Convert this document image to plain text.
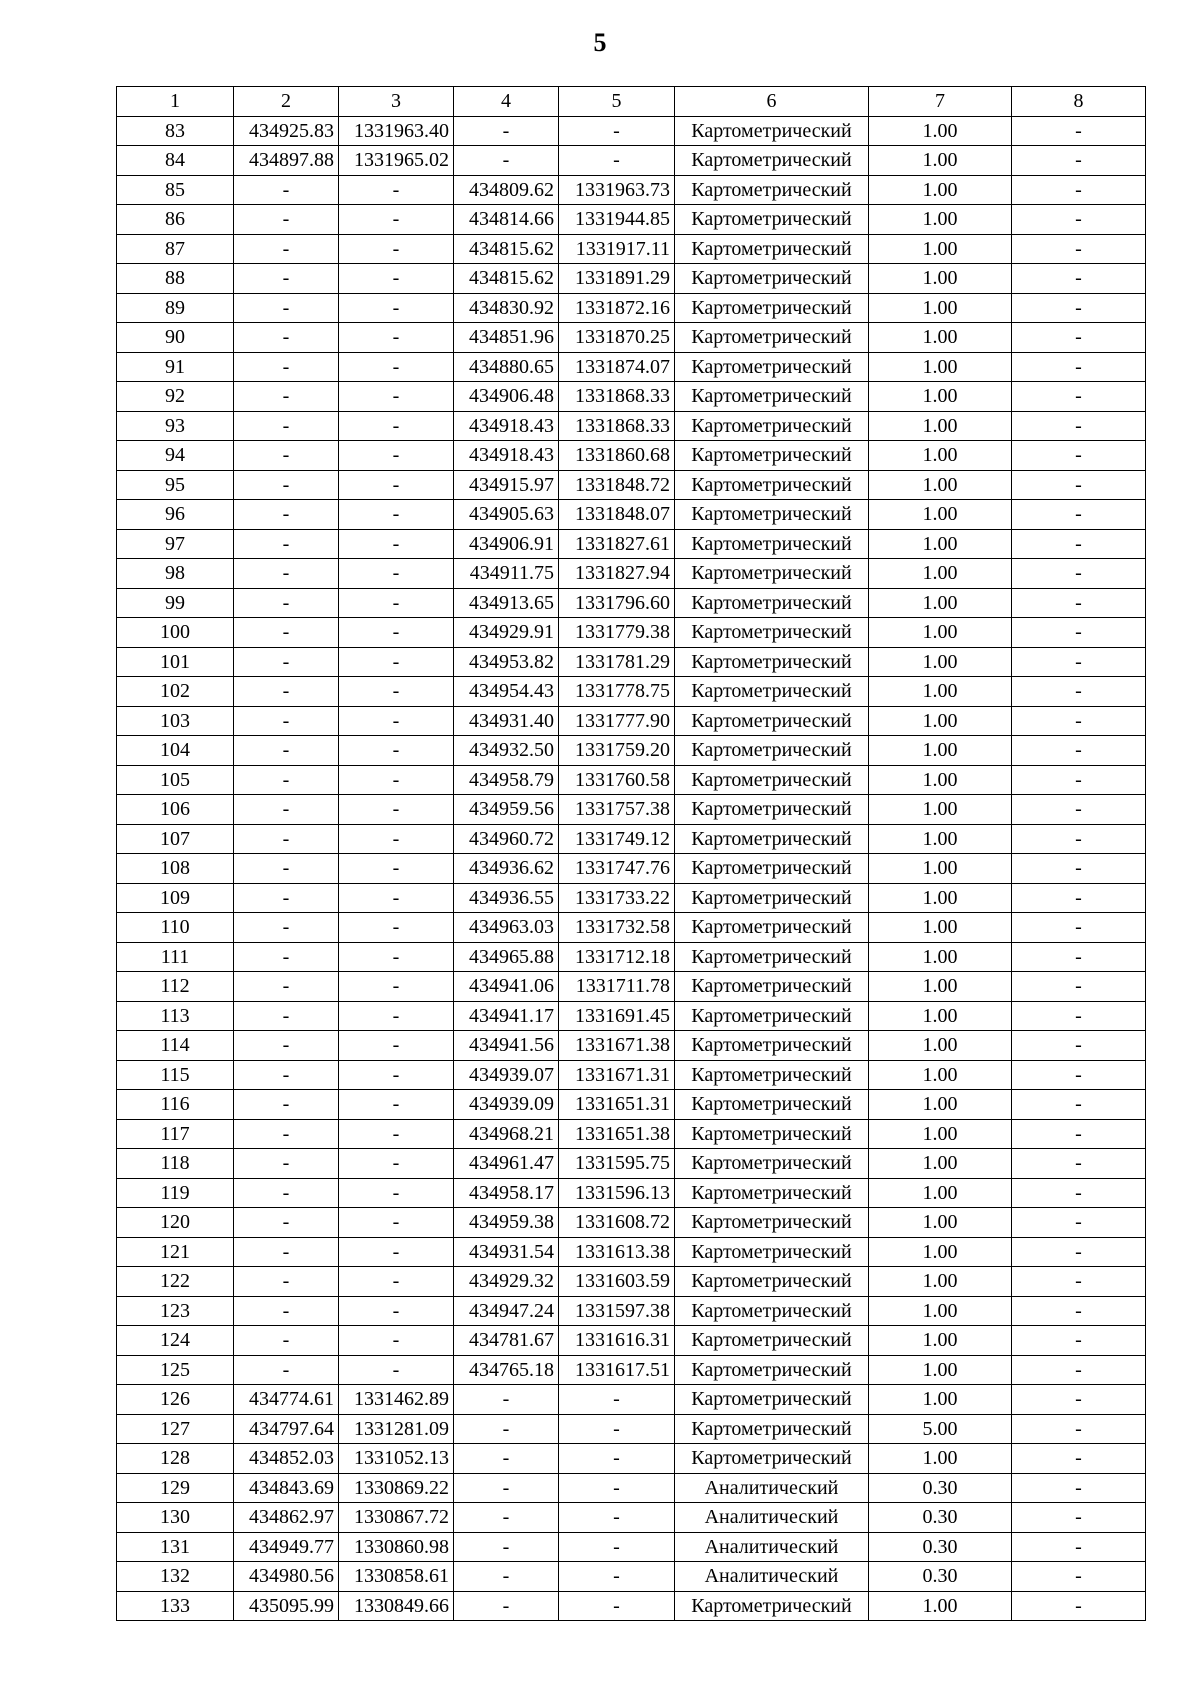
5
1	2	3	4	5	6	7	8
83	434925.83	1331963.40	-	-	Картометрический	1.00	-
84	434897.88	1331965.02	-	-	Картометрический	1.00	-
85	-	-	434809.62	1331963.73	Картометрический	1.00	-
86	-	-	434814.66	1331944.85	Картометрический	1.00	-
87	-	-	434815.62	1331917.11	Картометрический	1.00	-
88	-	-	434815.62	1331891.29	Картометрический	1.00	-
89	-	-	434830.92	1331872.16	Картометрический	1.00	-
90	-	-	434851.96	1331870.25	Картометрический	1.00	-
91	-	-	434880.65	1331874.07	Картометрический	1.00	-
92	-	-	434906.48	1331868.33	Картометрический	1.00	-
93	-	-	434918.43	1331868.33	Картометрический	1.00	-
94	-	-	434918.43	1331860.68	Картометрический	1.00	-
95	-	-	434915.97	1331848.72	Картометрический	1.00	-
96	-	-	434905.63	1331848.07	Картометрический	1.00	-
97	-	-	434906.91	1331827.61	Картометрический	1.00	-
98	-	-	434911.75	1331827.94	Картометрический	1.00	-
99	-	-	434913.65	1331796.60	Картометрический	1.00	-
100	-	-	434929.91	1331779.38	Картометрический	1.00	-
101	-	-	434953.82	1331781.29	Картометрический	1.00	-
102	-	-	434954.43	1331778.75	Картометрический	1.00	-
103	-	-	434931.40	1331777.90	Картометрический	1.00	-
104	-	-	434932.50	1331759.20	Картометрический	1.00	-
105	-	-	434958.79	1331760.58	Картометрический	1.00	-
106	-	-	434959.56	1331757.38	Картометрический	1.00	-
107	-	-	434960.72	1331749.12	Картометрический	1.00	-
108	-	-	434936.62	1331747.76	Картометрический	1.00	-
109	-	-	434936.55	1331733.22	Картометрический	1.00	-
110	-	-	434963.03	1331732.58	Картометрический	1.00	-
111	-	-	434965.88	1331712.18	Картометрический	1.00	-
112	-	-	434941.06	1331711.78	Картометрический	1.00	-
113	-	-	434941.17	1331691.45	Картометрический	1.00	-
114	-	-	434941.56	1331671.38	Картометрический	1.00	-
115	-	-	434939.07	1331671.31	Картометрический	1.00	-
116	-	-	434939.09	1331651.31	Картометрический	1.00	-
117	-	-	434968.21	1331651.38	Картометрический	1.00	-
118	-	-	434961.47	1331595.75	Картометрический	1.00	-
119	-	-	434958.17	1331596.13	Картометрический	1.00	-
120	-	-	434959.38	1331608.72	Картометрический	1.00	-
121	-	-	434931.54	1331613.38	Картометрический	1.00	-
122	-	-	434929.32	1331603.59	Картометрический	1.00	-
123	-	-	434947.24	1331597.38	Картометрический	1.00	-
124	-	-	434781.67	1331616.31	Картометрический	1.00	-
125	-	-	434765.18	1331617.51	Картометрический	1.00	-
126	434774.61	1331462.89	-	-	Картометрический	1.00	-
127	434797.64	1331281.09	-	-	Картометрический	5.00	-
128	434852.03	1331052.13	-	-	Картометрический	1.00	-
129	434843.69	1330869.22	-	-	Аналитический	0.30	-
130	434862.97	1330867.72	-	-	Аналитический	0.30	-
131	434949.77	1330860.98	-	-	Аналитический	0.30	-
132	434980.56	1330858.61	-	-	Аналитический	0.30	-
133	435095.99	1330849.66	-	-	Картометрический	1.00	-
